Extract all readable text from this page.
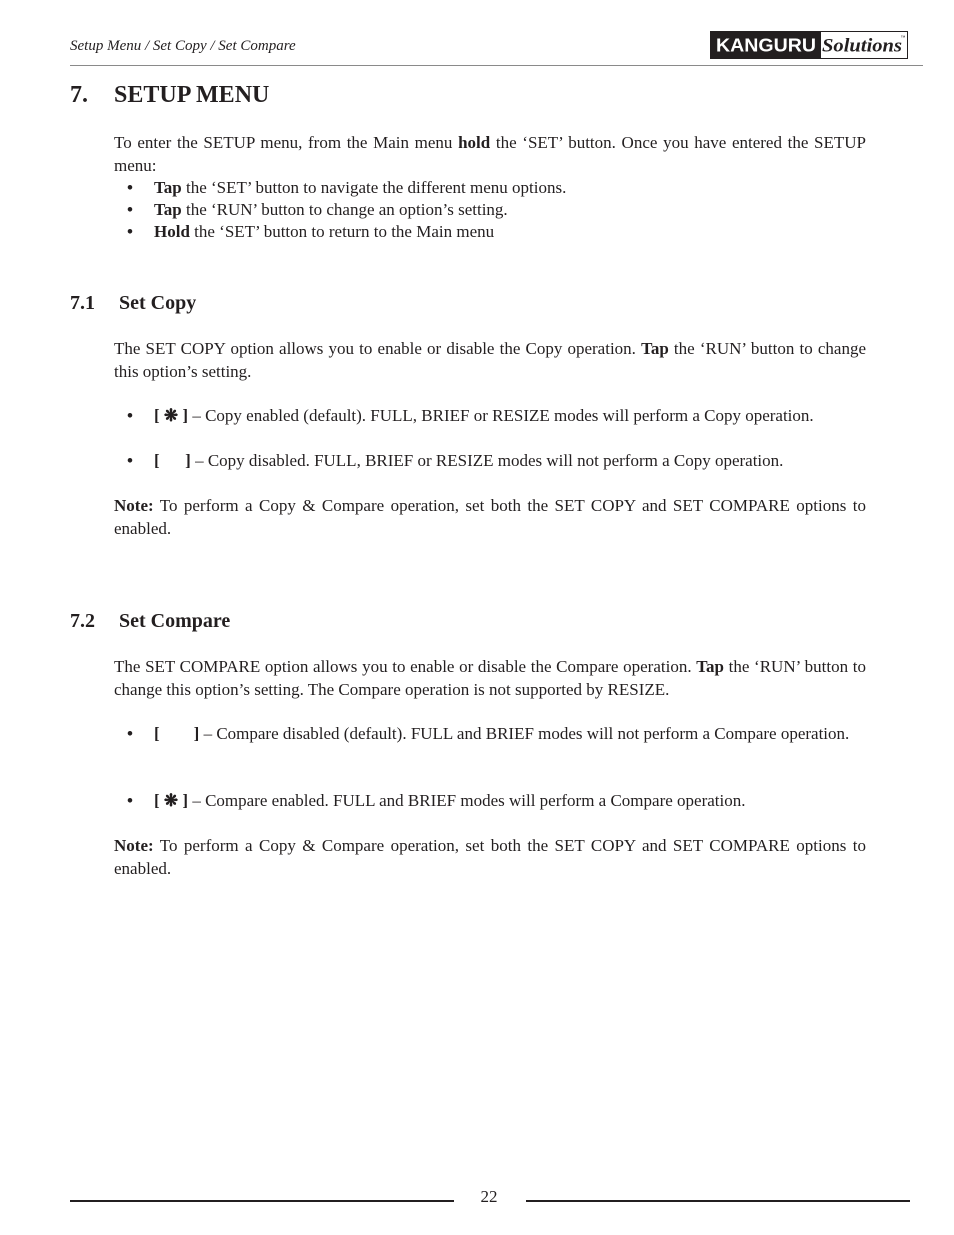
Setup Menu / Set Copy / Set Compare	KANGURU Solutions
™
7. SETUP MENU
To enter the SETUP menu, from the Main menu hold the ‘SET’ button. Once you have entered the SETUP menu:
•	Tap the ‘SET’ button to navigate the different menu options.
•	Tap the ‘RUN’ button to change an option’s setting.
•	Hold the ‘SET’ button to return to the Main menu
7.1 Set Copy
The SET COPY option allows you to enable or disable the Copy operation. Tap the ‘RUN’ button to change this option’s setting.
•	[ ❋ ] – Copy enabled (default). FULL, BRIEF or RESIZE modes will perform a Copy operation.
•	[      ] – Copy disabled. FULL, BRIEF or RESIZE modes will not perform a Copy operation.
Note: To perform a Copy & Compare operation, set both the SET COPY and SET COMPARE options to enabled.
7.2 Set Compare
The SET COMPARE option allows you to enable or disable the Compare operation. Tap the ‘RUN’ button to change this option’s setting. The Compare operation is not supported by RESIZE.
•	[        ] – Compare disabled (default). FULL and BRIEF modes will not perform a Compare operation.
•	[ ❋ ] – Compare enabled. FULL and BRIEF modes will perform a Compare operation.
Note: To perform a Copy & Compare operation, set both the SET COPY and SET COMPARE options to enabled.
22
